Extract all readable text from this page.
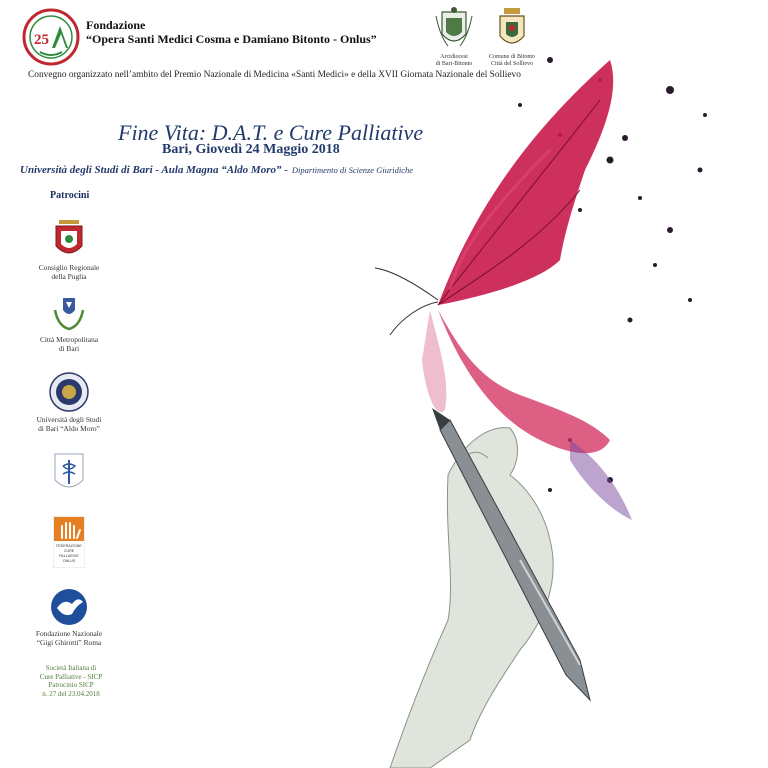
25
Fondazione
“Opera Santi Medici Cosma e Damiano Bitonto - Onlus”
Arcidiocesi
di Bari-Bitonto
Comune di Bitonto
Città del Sollievo
Convegno organizzato nell’ambito del Premio Nazionale di Medicina «Santi Medici» e della XVII Giornata Nazionale del Sollievo
Fine Vita: D.A.T. e Cure Palliative
Bari, Giovedì 24 Maggio 2018
Università degli Studi di Bari - Aula Magna “Aldo Moro” - Dipartimento di Scienze Giuridiche
Patrocini
Consiglio Regionale
della Puglia
Città Metropolitana
di Bari
Università degli Studi
di Bari “Aldo Moro”
FEDERAZIONE
CURE
PALLIATIVE
ONLUS
Fondazione Nazionale
“Gigi Ghirotti” Roma
Società Italiana di
Cure Palliative - SICP
Patrocinio SICP
n. 27 del 23.04.2018
